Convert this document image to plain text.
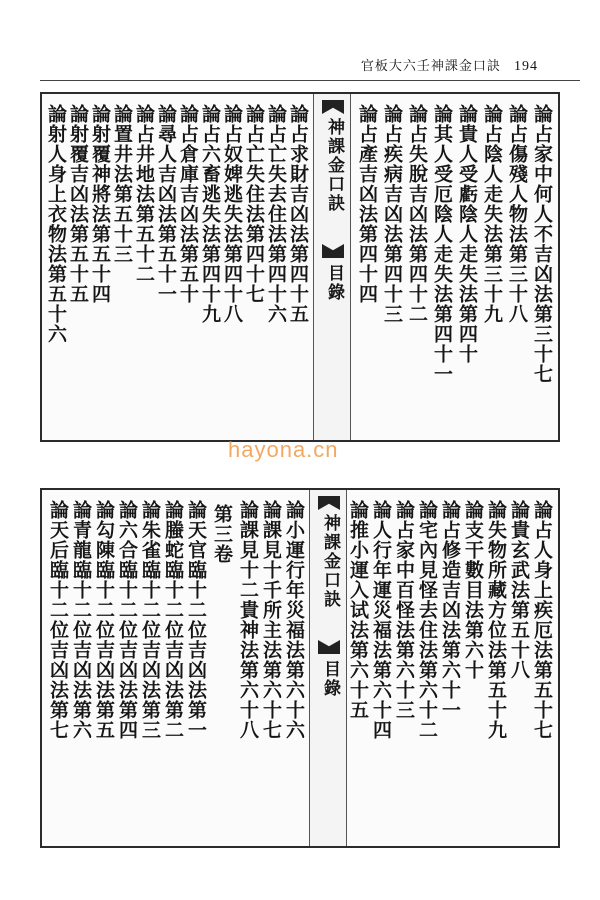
官板大六壬神課金口訣 194
論占家中何人不吉凶法第三十七
論占傷殘人物法第三十八
論占陰人走失法第三十九
論貴人受虧陰人走失法第四十
論其人受厄陰人走失法第四十一
論占失脫吉凶法第四十二
論占疾病吉凶法第四十三
論占產吉凶法第四十四
神課金口訣
目錄
論占求財吉凶法第四十五
論占亡失去住法第四十六
論占亡失住法第四十七
論占奴婢逃失法第四十八
論占六畜逃失法第四十九
論占倉庫吉凶法第五十
論尋人吉凶法第五十一
論占井地法第五十二
論置井法第五十三
論射覆神將法第五十四
論射覆吉凶法第五十五
論射人身上衣物法第五十六
hayona.cn
論占人身上疾厄法第五十七
論貴玄武法第五十八
論失物所藏方位法第五十九
論支干數目法第六十
論占修造吉凶法第六十一
論宅內見怪去住法第六十二
論占家中百怪法第六十三
論人行年運災福法第六十四
論推小運入试法第六十五
神課金口訣
目錄
論小運行年災福法第六十六
論課見十千所主法第六十七
論課見十二貴神法第六十八
第三卷
論天官臨十二位吉凶法第一
論螣蛇臨十二位吉凶法第二
論朱雀臨十二位吉凶法第三
論六合臨十二位吉凶法第四
論勾陳臨十二位吉凶法第五
論青龍臨十二位吉凶法第六
論天后臨十二位吉凶法第七
